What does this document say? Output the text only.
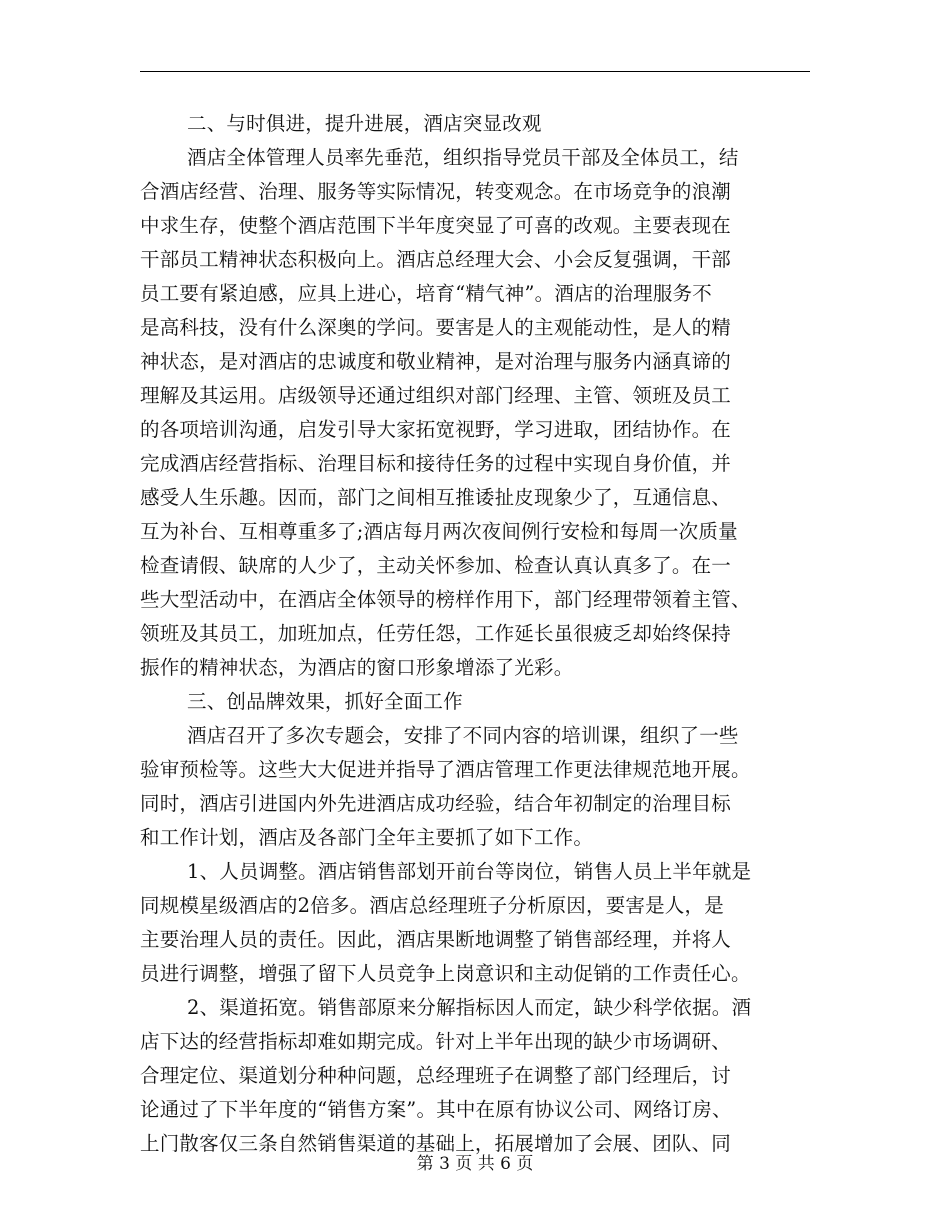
二、与时俱进，提升进展，酒店突显改观
酒店全体管理人员率先垂范，组织指导党员干部及全体员工，结
合酒店经营、治理、服务等实际情况，转变观念。在市场竞争的浪潮
中求生存，使整个酒店范围下半年度突显了可喜的改观。主要表现在
干部员工精神状态积极向上。酒店总经理大会、小会反复强调，干部
员工要有紧迫感，应具上进心，培育“精气神”。酒店的治理服务不
是高科技，没有什么深奥的学问。要害是人的主观能动性，是人的精
神状态，是对酒店的忠诚度和敬业精神，是对治理与服务内涵真谛的
理解及其运用。店级领导还通过组织对部门经理、主管、领班及员工
的各项培训沟通，启发引导大家拓宽视野，学习进取，团结协作。在
完成酒店经营指标、治理目标和接待任务的过程中实现自身价值，并
感受人生乐趣。因而，部门之间相互推诿扯皮现象少了，互通信息、
互为补台、互相尊重多了;酒店每月两次夜间例行安检和每周一次质量
检查请假、缺席的人少了，主动关怀参加、检查认真认真多了。在一
些大型活动中，在酒店全体领导的榜样作用下，部门经理带领着主管、
领班及其员工，加班加点，任劳任怨，工作延长虽很疲乏却始终保持
振作的精神状态，为酒店的窗口形象增添了光彩。
三、创品牌效果，抓好全面工作
酒店召开了多次专题会，安排了不同内容的培训课，组织了一些
验审预检等。这些大大促进并指导了酒店管理工作更法律规范地开展。
同时，酒店引进国内外先进酒店成功经验，结合年初制定的治理目标
和工作计划，酒店及各部门全年主要抓了如下工作。
1、人员调整。酒店销售部划开前台等岗位，销售人员上半年就是
同规模星级酒店的2倍多。酒店总经理班子分析原因，要害是人，是
主要治理人员的责任。因此，酒店果断地调整了销售部经理，并将人
员进行调整，增强了留下人员竞争上岗意识和主动促销的工作责任心。
2、渠道拓宽。销售部原来分解指标因人而定，缺少科学依据。酒
店下达的经营指标却难如期完成。针对上半年出现的缺少市场调研、
合理定位、渠道划分种种问题，总经理班子在调整了部门经理后，讨
论通过了下半年度的“销售方案”。其中在原有协议公司、网络订房、
上门散客仅三条自然销售渠道的基础上，拓展增加了会展、团队、同
第 3 页 共 6 页
